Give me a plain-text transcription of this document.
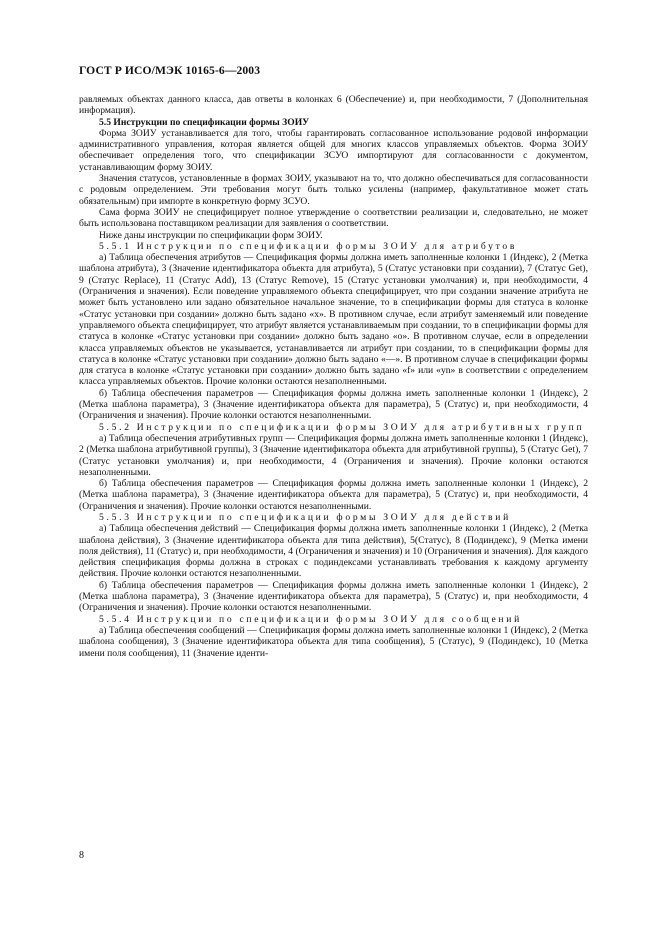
ГОСТ Р ИСО/МЭК 10165-6—2003

равляемых объектах данного класса, дав ответы в колонках 6 (Обеспечение) и, при необходимости, 7 (Дополнительная информация).

5.5 Инструкции по спецификации формы ЗОИУ

Форма ЗОИУ устанавливается для того, чтобы гарантировать согласованное использование родовой информации административного управления, которая является общей для многих классов управляемых объектов. Форма ЗОИУ обеспечивает определения того, что спецификации ЗСУО импортируют для согласованности с документом, устанавливающим форму ЗОИУ.

Значения статусов, установленные в формах ЗОИУ, указывают на то, что должно обеспечиваться для согласованности с родовым определением. Эти требования могут быть только усилены (например, факультативное может стать обязательным) при импорте в конкретную форму ЗСУО.

Сама форма ЗОИУ не специфицирует полное утверждение о соответствии реализации и, следовательно, не может быть использована поставщиком реализации для заявления о соответствии.

Ниже даны инструкции по спецификации форм ЗОИУ.

5.5.1 Инструкции по спецификации формы ЗОИУ для атрибутов

а) Таблица обеспечения атрибутов — Спецификация формы должна иметь заполненные колонки 1 (Индекс), 2 (Метка шаблона атрибута), 3 (Значение идентификатора объекта для атрибута), 5 (Статус установки при создании), 7 (Статус Get), 9 (Статус Replace), 11 (Статус Add), 13 (Статус Remove), 15 (Статус установки умолчания) и, при необходимости, 4 (Ограничения и значения). Если поведение управляемого объекта специфицирует, что при создании значение атрибута не может быть установлено или задано обязательное начальное значение, то в спецификации формы для статуса в колонке «Статус установки при создании» должно быть задано «х». В противном случае, если атрибут заменяемый или поведение управляемого объекта специфицирует, что атрибут является устанавливаемым при создании, то в спецификации формы для статуса в колонке «Статус установки при создании» должно быть задано «о». В противном случае, если в определении класса управляемых объектов не указывается, устанавливается ли атрибут при создании, то в спецификации формы для статуса в колонке «Статус установки при создании» должно быть задано «—». В противном случае в спецификации формы для статуса в колонке «Статус установки при создании» должно быть задано «f» или «уn» в соответствии с определением класса управляемых объектов. Прочие колонки остаются незаполненными.

б) Таблица обеспечения параметров — Спецификация формы должна иметь заполненные колонки 1 (Индекс), 2 (Метка шаблона параметра), 3 (Значение идентификатора объекта для параметра), 5 (Статус) и, при необходимости, 4 (Ограничения и значения). Прочие колонки остаются незаполненными.

5.5.2 Инструкции по спецификации формы ЗОИУ для атрибутивных групп

а) Таблица обеспечения атрибутивных групп — Спецификация формы должна иметь заполненные колонки 1 (Индекс), 2 (Метка шаблона атрибутивной группы), 3 (Значение идентификатора объекта для атрибутивной группы), 5 (Статус Get), 7 (Статус установки умолчания) и, при необходимости, 4 (Ограничения и значения). Прочие колонки остаются незаполненными.

б) Таблица обеспечения параметров — Спецификация формы должна иметь заполненные колонки 1 (Индекс), 2 (Метка шаблона параметра), 3 (Значение идентификатора объекта для параметра), 5 (Статус) и, при необходимости, 4 (Ограничения и значения). Прочие колонки остаются незаполненными.

5.5.3 Инструкции по спецификации формы ЗОИУ для действий

а) Таблица обеспечения действий — Спецификация формы должна иметь заполненные колонки 1 (Индекс), 2 (Метка шаблона действия), 3 (Значение идентификатора объекта для типа действия), 5(Статус), 8 (Подиндекс), 9 (Метка имени поля действия), 11 (Статус) и, при необходимости, 4 (Ограничения и значения) и 10 (Ограничения и значения). Для каждого действия спецификация формы должна в строках с подиндексами устанавливать требования к каждому аргументу действия. Прочие колонки остаются незаполненными.

б) Таблица обеспечения параметров — Спецификация формы должна иметь заполненные колонки 1 (Индекс), 2 (Метка шаблона параметра), 3 (Значение идентификатора объекта для параметра), 5 (Статус) и, при необходимости, 4 (Ограничения и значения). Прочие колонки остаются незаполненными.

5.5.4 Инструкции по спецификации формы ЗОИУ для сообщений

а) Таблица обеспечения сообщений — Спецификация формы должна иметь заполненные колонки 1 (Индекс), 2 (Метка шаблона сообщения), 3 (Значение идентификатора объекта для типа сообщения), 5 (Статус), 9 (Подиндекс), 10 (Метка имени поля сообщения), 11 (Значение иденти-

8
